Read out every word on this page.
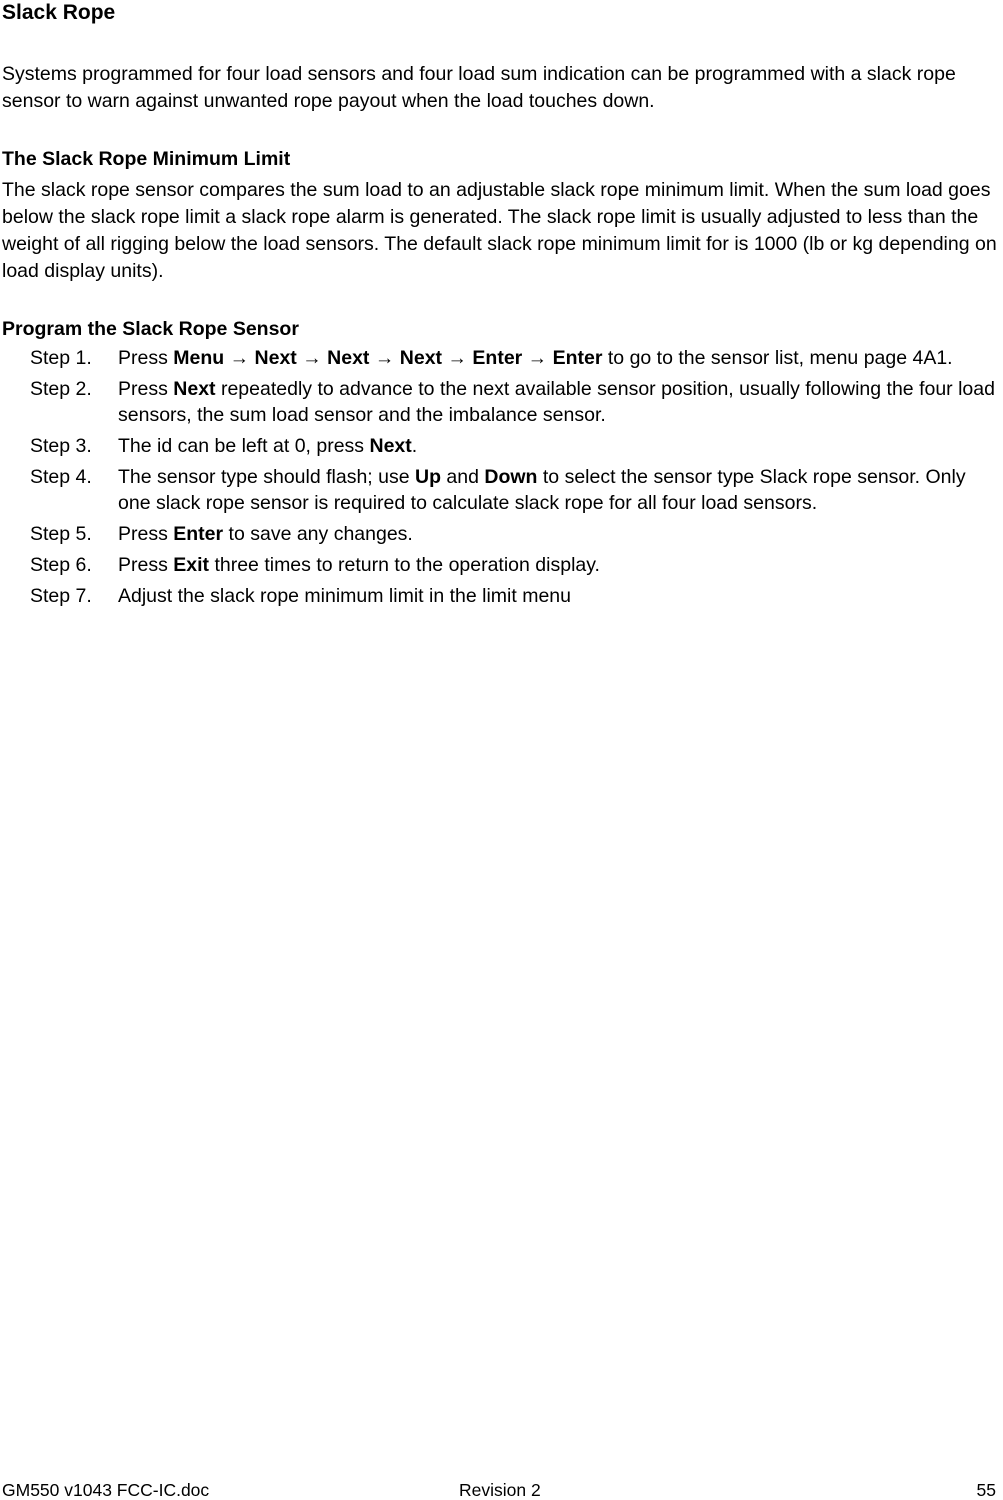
Slack Rope

Systems programmed for four load sensors and four load sum indication can be programmed with a slack rope sensor to warn against unwanted rope payout when the load touches down.

The Slack Rope Minimum Limit

The slack rope sensor compares the sum load to an adjustable slack rope minimum limit. When the sum load goes below the slack rope limit a slack rope alarm is generated. The slack rope limit is usually adjusted to less than the weight of all rigging below the load sensors. The default slack rope minimum limit for is 1000 (lb or kg depending on load display units).

Program the Slack Rope Sensor
Step 1.	Press Menu → Next → Next → Next → Enter → Enter to go to the sensor list, menu page 4A1.
Step 2.	Press Next repeatedly to advance to the next available sensor position, usually following the four load sensors, the sum load sensor and the imbalance sensor.
Step 3.	The id can be left at 0, press Next.
Step 4.	The sensor type should flash; use Up and Down to select the sensor type Slack rope sensor. Only one slack rope sensor is required to calculate slack rope for all four load sensors.
Step 5.	Press Enter to save any changes.
Step 6.	Press Exit three times to return to the operation display.
Step 7.	Adjust the slack rope minimum limit in the limit menu
GM550 v1043 FCC-IC.doc	Revision 2	55
